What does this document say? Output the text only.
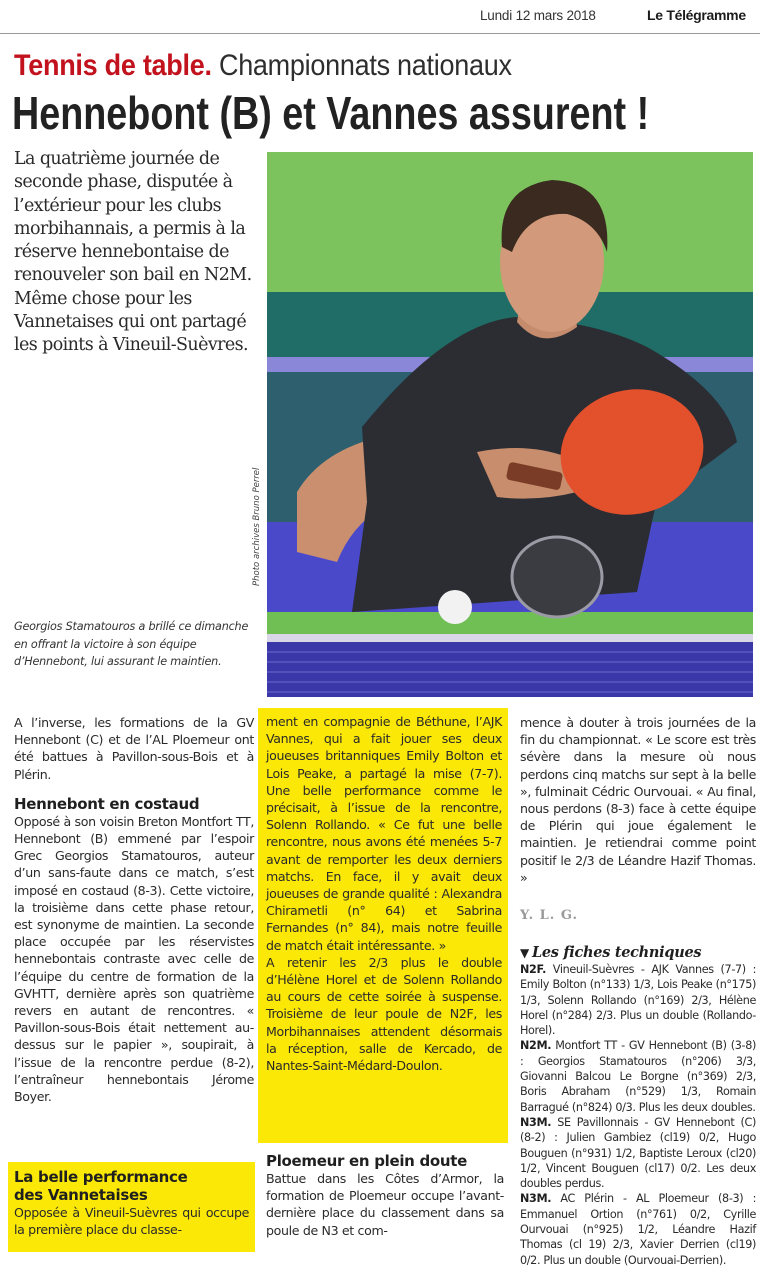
Lundi 12 mars 2018	Le Télégramme
Tennis de table. Championnats nationaux
Hennebont (B) et Vannes assurent !
La quatrième journée de seconde phase, disputée à l’extérieur pour les clubs morbihannais, a permis à la réserve hennebontaise de renouveler son bail en N2M. Même chose pour les Vannetaises qui ont partagé les points à Vineuil-Suèvres.
Photo archives Bruno Perrel
Georgios Stamatouros a brillé ce dimanche en offrant la victoire à son équipe d’Hennebont, lui assurant le maintien.

A l’inverse, les formations de la GV Hennebont (C) et de l’AL Ploemeur ont été battues à Pavillon-sous-Bois et à Plérin.

Hennebont en costaud

Opposé à son voisin Breton Montfort TT, Hennebont (B) emmené par l’espoir Grec Georgios Stamatouros, auteur d’un sans-faute dans ce match, s’est imposé en costaud (8-3). Cette victoire, la troisième dans cette phase retour, est synonyme de maintien. La seconde place occupée par les réservistes hennebontais contraste avec celle de l’équipe du centre de formation de la GVHTT, dernière après son quatrième revers en autant de rencontres. « Pavillon-sous-Bois était nettement au-dessus sur le papier », soupirait, à l’issue de la rencontre perdue (8-2), l’entraîneur hennebontais Jérome Boyer.

La belle performance

des Vannetaises

Opposée à Vineuil-Suèvres qui occupe la première place du classe-

ment en compagnie de Béthune, l’AJK Vannes, qui a fait jouer ses deux joueuses britanniques Emily Bolton et Lois Peake, a partagé la mise (7-7). Une belle performance comme le précisait, à l’issue de la rencontre, Solenn Rollando. « Ce fut une belle rencontre, nous avons été menées 5-7 avant de remporter les deux derniers matchs. En face, il y avait deux joueuses de grande qualité : Alexandra Chirametli (n° 64) et Sabrina Fernandes (n° 84), mais notre feuille de match était intéressante. »

A retenir les 2/3 plus le double d’Hélène Horel et de Solenn Rollando au cours de cette soirée à suspense. Troisième de leur poule de N2F, les Morbihannaises attendent désormais la réception, salle de Kercado, de Nantes-Saint-Médard-Doulon.

Ploemeur en plein doute

Battue dans les Côtes d’Armor, la formation de Ploemeur occupe l’avant-dernière place du classement dans sa poule de N3 et com-

mence à douter à trois journées de la fin du championnat. « Le score est très sévère dans la mesure où nous perdons cinq matchs sur sept à la belle », fulminait Cédric Ourvouai. « Au final, nous perdons (8-3) face à cette équipe de Plérin qui joue également le maintien. Je retiendrai comme point positif le 2/3 de Léandre Hazif Thomas. »

Y. L. G.
▼ Les fiches techniques

N2F. Vineuil-Suèvres - AJK Vannes (7-7) : Emily Bolton (n°133) 1/3, Lois Peake (n°175) 1/3, Solenn Rollando (n°169) 2/3, Hélène Horel (n°284) 2/3. Plus un double (Rollando-Horel).

N2M. Montfort TT - GV Hennebont (B) (3-8) : Georgios Stamatouros (n°206) 3/3, Giovanni Balcou Le Borgne (n°369) 2/3, Boris Abraham (n°529) 1/3, Romain Barragué (n°824) 0/3. Plus les deux doubles.

N3M. SE Pavillonnais - GV Hennebont (C) (8-2) : Julien Gambiez (cl19) 0/2, Hugo Bouguen (n°931) 1/2, Baptiste Leroux (cl20) 1/2, Vincent Bouguen (cl17) 0/2. Les deux doubles perdus.

N3M. AC Plérin - AL Ploemeur (8-3) : Emmanuel Ortion (n°761) 0/2, Cyrille Ourvouai (n°925) 1/2, Léandre Hazif Thomas (cl 19) 2/3, Xavier Derrien (cl19) 0/2. Plus un double (Ourvouai-Derrien).
